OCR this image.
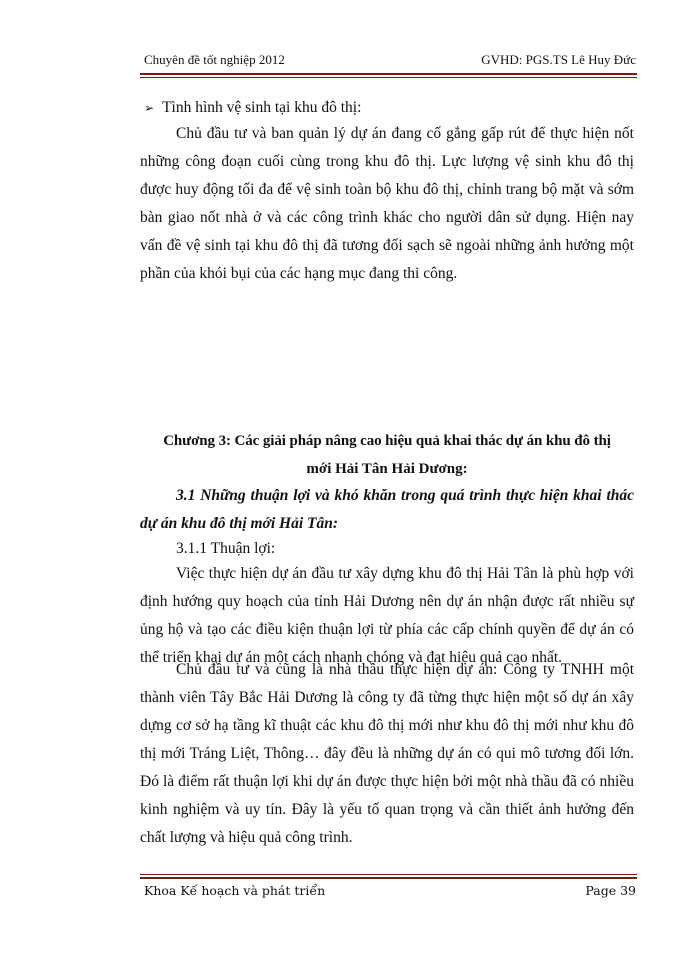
Chuyên đề tốt nghiệp 2012	GVHD: PGS.TS Lê Huy Đức
➢ Tình hình vệ sinh tại khu đô thị:
Chủ đầu tư và ban quản lý dự án đang cố gắng gấp rút để thực hiện nốt những công đoạn cuối cùng trong khu đô thị. Lực lượng vệ sinh khu đô thị được huy động tối đa để vệ sinh toàn bộ khu đô thị, chỉnh trang bộ mặt và sớm bàn giao nốt nhà ở và các công trình khác cho người dân sử dụng. Hiện nay vấn đề vệ sinh tại khu đô thị đã tương đối sạch sẽ ngoài những ảnh hưởng một phần của khói bụi của các hạng mục đang thi công.
Chương 3: Các giải pháp nâng cao hiệu quả khai thác dự án khu đô thị
mới Hải Tân Hải Dương:
3.1 Những thuận lợi và khó khăn trong quá trình thực hiện khai thác dự án khu đô thị mới Hải Tân:
3.1.1 Thuận lợi:
Việc thực hiện dự án đầu tư xây dựng khu đô thị Hải Tân là phù hợp với định hướng quy hoạch của tỉnh Hải Dương nên dự án nhận được rất nhiều sự ủng hộ và tạo các điều kiện thuận lợi từ phía các cấp chính quyền để dự án có thể triển khai dự án một cách nhanh chóng và đạt hiệu quả cao nhất.
Chủ đầu tư và cũng là nhà thầu thực hiện dự án: Công ty TNHH một thành viên Tây Bắc Hải Dương là công ty đã từng thực hiện một số dự án xây dựng cơ sở hạ tầng kĩ thuật các khu đô thị mới như khu đô thị mới như khu đô thị mới Tráng Liệt, Thông… đây đều là những dự án có qui mô tương đối lớn. Đó là điểm rất thuận lợi khi dự án được thực hiện bởi một nhà thầu đã có nhiều kinh nghiệm và uy tín. Đây là yếu tố quan trọng và cần thiết ảnh hưởng đến chất lượng và hiệu quả công trình.
Khoa Kế hoạch và phát triển	Page 39
